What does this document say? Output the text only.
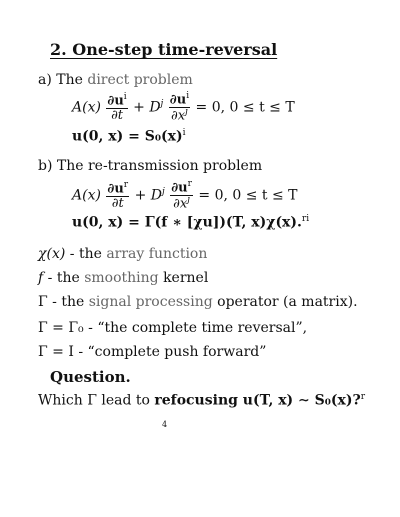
2. One-step time-reversal
a) The direct problem
$A(x) \frac{\partial u^i}{\partial t} + D^j \frac{\partial u^i}{\partial x^j} = 0$, 0 ≤ t ≤ T
u(0, $x) = S_0(x)^i$
b) The re-transmission problem
$A(x) \frac{\partial u^r}{\partial t} + D^j \frac{\partial u^r}{\partial x^j} = 0$, 0 ≤ t ≤ T
u(0, x) = Γ(f ∗ [χu])(T, x)χ(x).$^{ri}$
χ(x) - the array function
f - the smoothing kernel
Γ - the signal processing operator (a matrix).
Γ = Γ₀ - “the complete time reversal”,
Γ = I - “complete push forward”
Question.
Which Γ lead to refocusing u(T, x) ∼ S₀(x)?$^r$
4
